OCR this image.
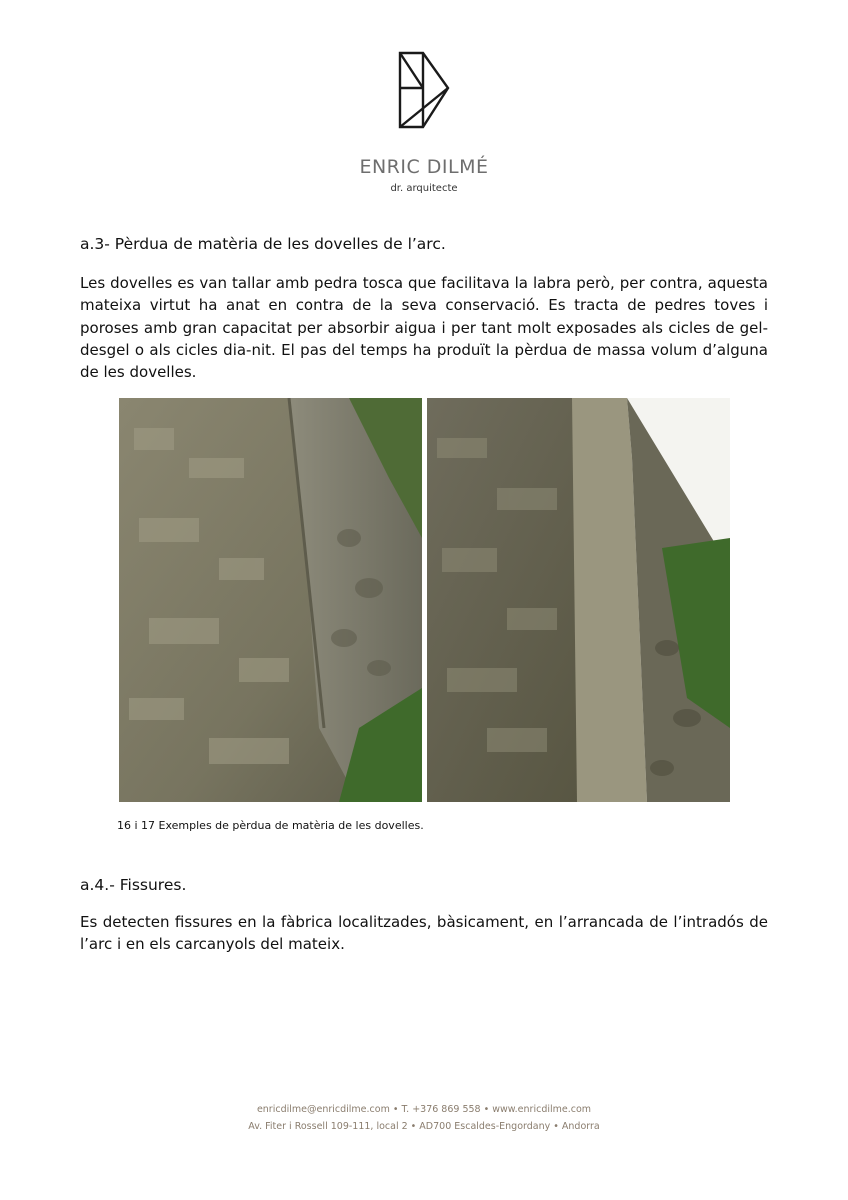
ENRIC DILMÉ
dr. arquitecte
a.3- Pèrdua de matèria de les dovelles de l’arc.

Les dovelles es van tallar amb pedra tosca que facilitava la labra però, per contra, aquesta mateixa virtut ha anat en contra de la seva conservació. Es tracta de pedres toves i poroses amb gran capacitat per absorbir aigua i per tant molt exposades als cicles de gel-desgel o als cicles dia-nit. El pas del temps ha produït la pèrdua de massa volum d’alguna de les dovelles.

16 i 17 Exemples de pèrdua de matèria de les dovelles.
a.4.- Fissures.

Es detecten fissures en la fàbrica localitzades, bàsicament, en l’arrancada de l’intradós de l’arc i en els carcanyols del mateix.

enricdilme@enricdilme.com • T. +376 869 558 • www.enricdilme.com
Av. Fiter i Rossell 109-111, local 2 • AD700 Escaldes-Engordany • Andorra
